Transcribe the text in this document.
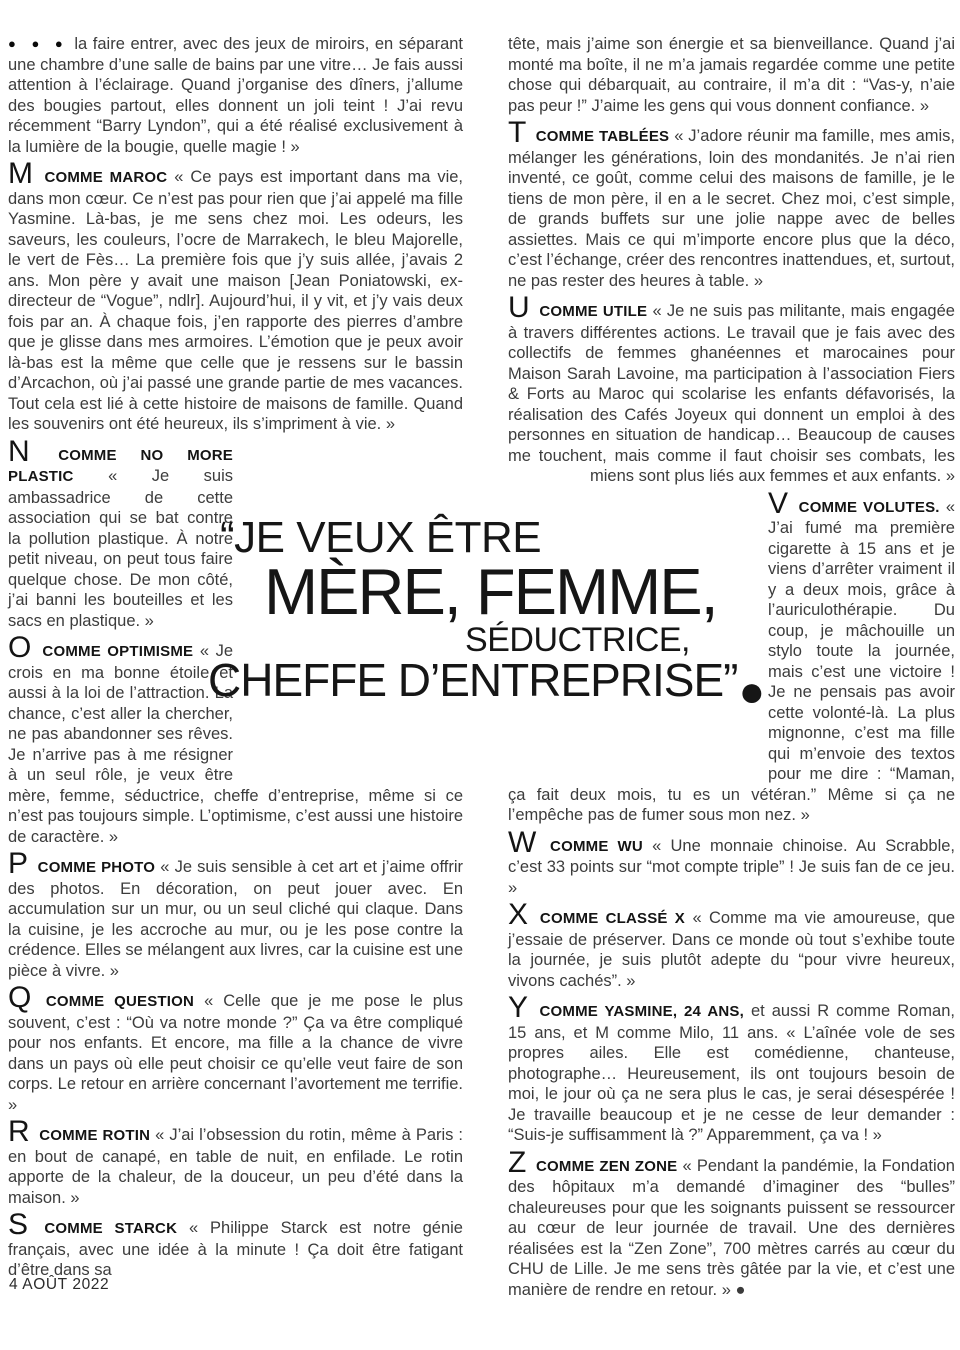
● ● ● la faire entrer, avec des jeux de miroirs, en séparant une chambre d’une salle de bains par une vitre… Je fais aussi attention à l’éclairage. Quand j’organise des dîners, j’allume des bougies partout, elles donnent un joli teint ! J’ai revu récemment “Barry Lyndon”, qui a été réalisé exclusivement à la lumière de la bougie, quelle magie ! »

M COMME MAROC « Ce pays est important dans ma vie, dans mon cœur. Ce n’est pas pour rien que j’ai appelé ma fille Yasmine. Là-bas, je me sens chez moi. Les odeurs, les saveurs, les couleurs, l’ocre de Marrakech, le bleu Majorelle, le vert de Fès… La première fois que j’y suis allée, j’avais 2 ans. Mon père y avait une maison [Jean Poniatowski, ex-directeur de “Vogue”, ndlr]. Aujourd’hui, il y vit, et j’y vais deux fois par an. À chaque fois, j’en rapporte des pierres d’ambre que je glisse dans mes armoires. L’émotion que je peux avoir là-bas est la même que celle que je ressens sur le bassin d’Arcachon, où j’ai passé une grande partie de mes vacances. Tout cela est lié à cette histoire de maisons de famille. Quand les souvenirs ont été heureux, ils s’impriment à vie. »

N COMME NO MORE PLASTIC « Je suis ambassadrice de cette association qui se bat contre la pollution plastique. À notre petit niveau, on peut tous faire quelque chose. De mon côté, j’ai banni les bouteilles et les sacs en plastique. »

O COMME OPTIMISME « Je crois en ma bonne étoile et aussi à la loi de l’attraction. La chance, c’est aller la chercher, ne pas abandonner ses rêves. Je n’arrive pas à me résigner à un seul rôle, je veux être mère, femme, séductrice, cheffe d’entreprise, même si ce n’est pas toujours simple. L’optimisme, c’est aussi une histoire de caractère. »

P COMME PHOTO « Je suis sensible à cet art et j’aime offrir des photos. En décoration, on peut jouer avec. En accumulation sur un mur, ou un seul cliché qui claque. Dans la cuisine, je les accroche au mur, ou je les pose contre la crédence. Elles se mélangent aux livres, car la cuisine est une pièce à vivre. »

Q COMME QUESTION « Celle que je me pose le plus souvent, c’est : “Où va notre monde ?” Ça va être compliqué pour nos enfants. Et encore, ma fille a la chance de vivre dans un pays où elle peut choisir ce qu’elle veut faire de son corps. Le retour en arrière concernant l’avortement me terrifie. »

R COMME ROTIN « J’ai l’obsession du rotin, même à Paris : en bout de canapé, en table de nuit, en enfilade. Le rotin apporte de la chaleur, de la douceur, un peu d’été dans la maison. »

S COMME STARCK « Philippe Starck est notre génie français, avec une idée à la minute ! Ça doit être fatigant d’être dans sa

tête, mais j’aime son énergie et sa bienveillance. Quand j’ai monté ma boîte, il ne m’a jamais regardée comme une petite chose qui débarquait, au contraire, il m’a dit : “Vas-y, n’aie pas peur !” J’aime les gens qui vous donnent confiance. »

T COMME TABLÉES « J’adore réunir ma famille, mes amis, mélanger les générations, loin des mondanités. Je n’ai rien inventé, ce goût, comme celui des maisons de famille, je le tiens de mon père, il en a le secret. Chez moi, c’est simple, de grands buffets sur une jolie nappe avec de belles assiettes. Mais ce qui m’importe encore plus que la déco, c’est l’échange, créer des rencontres inattendues, et, surtout, ne pas rester des heures à table. »

U COMME UTILE « Je ne suis pas militante, mais engagée à travers différentes actions. Le travail que je fais avec des collectifs de femmes ghanéennes et marocaines pour Maison Sarah Lavoine, ma participation à l’association Fiers & Forts au Maroc qui scolarise les enfants défavorisés, la réalisation des Cafés Joyeux qui donnent un emploi à des personnes en situation de handicap… Beaucoup de causes me touchent, mais comme il faut choisir ses combats, les miens sont plus liés aux femmes et aux enfants. »

V COMME VOLUTES. « J’ai fumé ma première cigarette à 15 ans et je viens d’arrêter vraiment il y a deux mois, grâce à l’auriculothérapie. Du coup, je mâchouille un stylo toute la journée, mais c’est une victoire ! Je ne pensais pas avoir cette volonté-là. La plus mignonne, c’est ma fille qui m’envoie des textos pour me dire : “Maman, ça fait deux mois, tu es un vétéran.” Même si ça ne l’empêche pas de fumer sous mon nez. »

W COMME WU « Une monnaie chinoise. Au Scrabble, c’est 33 points sur “mot compte triple” ! Je suis fan de ce jeu. »

X COMME CLASSÉ X « Comme ma vie amoureuse, que j’essaie de préserver. Dans ce monde où tout s’exhibe toute la journée, je suis plutôt adepte du “pour vivre heureux, vivons cachés”. »

Y COMME YASMINE, 24 ANS, et aussi R comme Roman, 15 ans, et M comme Milo, 11 ans. « L’aînée vole de ses propres ailes. Elle est comédienne, chanteuse, photographe… Heureusement, ils ont toujours besoin de moi, le jour où ça ne sera plus le cas, je serai désespérée ! Je travaille beaucoup et je ne cesse de leur demander : “Suis-je suffisamment là ?” Apparemment, ça va ! »

Z COMME ZEN ZONE « Pendant la pandémie, la Fondation des hôpitaux m’a demandé d’imaginer des “bulles” chaleureuses pour que les soignants puissent se ressourcer au cœur de leur journée de travail. Une des dernières réalisées est la “Zen Zone”, 700 mètres carrés au cœur du CHU de Lille. Je me sens très gâtée par la vie, et c’est une manière de rendre en retour. » ●

“JE VEUX ÊTRE
MÈRE, FEMME,
SÉDUCTRICE,
CHEFFE D’ENTREPRISE”●
4 AOÛT 2022
